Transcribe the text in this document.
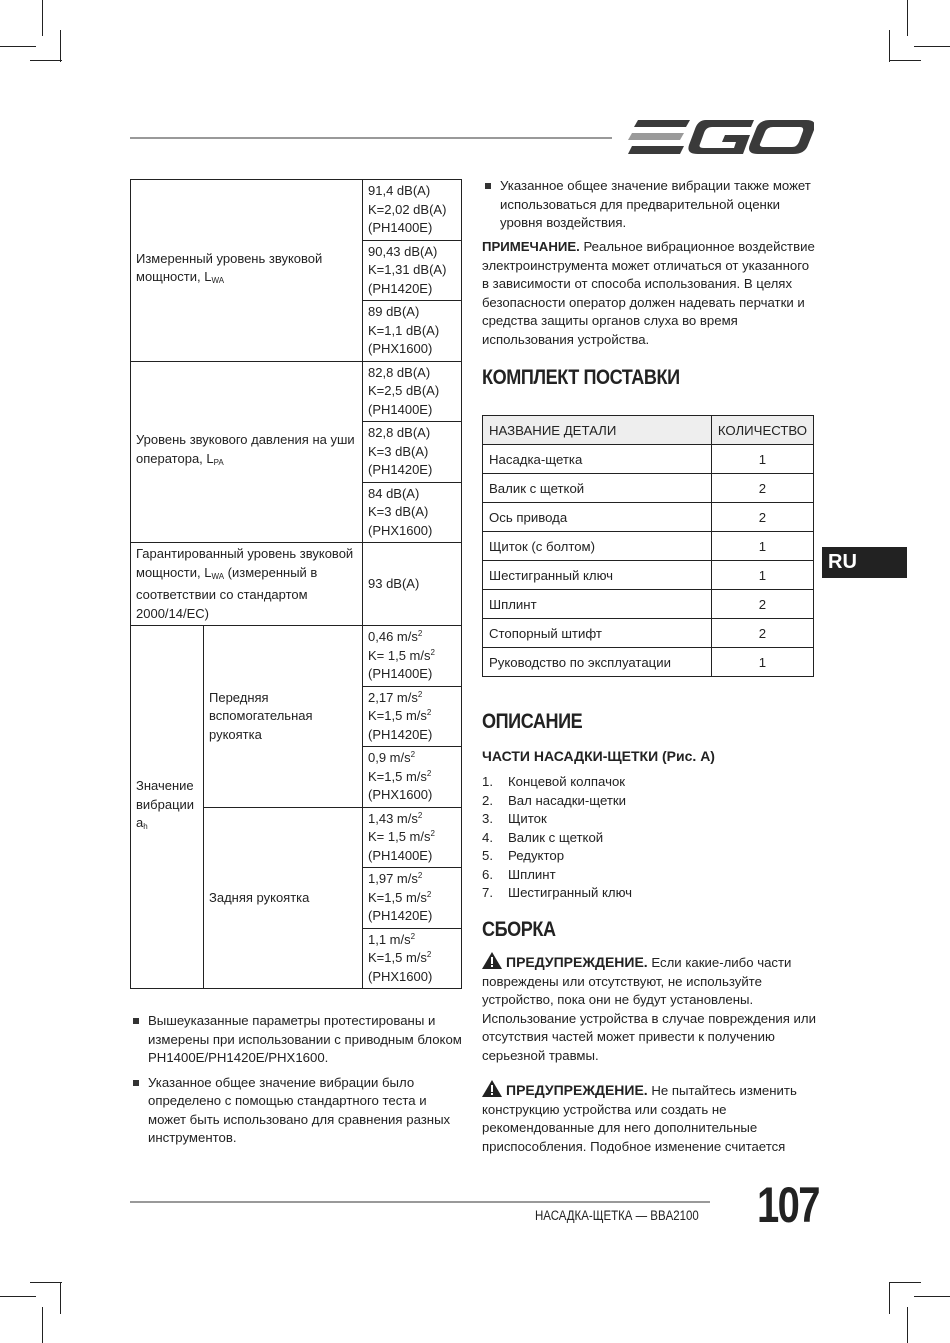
Измеренный уровень звуковой мощности, $L_{WA}$		91,4 dB(A)
K=2,02 dB(A)
(PH1400E)
		90,43 dB(A)
K=1,31 dB(A)
(PH1420E)
		89 dB(A)
K=1,1 dB(A)
(PHX1600)
Уровень звукового давления на уши оператора, $L_{PA}$		82,8 dB(A)
K=2,5 dB(A)
(PH1400E)
		82,8 dB(A)
K=3 dB(A)
(PH1420E)
		84 dB(A)
K=3 dB(A)
(PHX1600)
Гарантированный уровень звуковой мощности, $L_{WA}$ (измеренный в соответствии со стандартом 2000/14/EC)		93 dB(A)
Значение вибрации $a_h$	Передняя вспомогательная рукоятка	0,46 $m/s^2$
K= 1,5 $m/s^2$
(PH1400E)
		2,17 $m/s^2$
K=1,5 $m/s^2$
(PH1420E)
		0,9 $m/s^2$
K=1,5 $m/s^2$
(PHX1600)
	Задняя рукоятка	1,43 $m/s^2$
K= 1,5 $m/s^2$
(PH1400E)
		1,97 $m/s^2$
K=1,5 $m/s^2$
(PH1420E)
		1,1 $m/s^2$
K=1,5 $m/s^2$
(PHX1600)
Вышеуказанные параметры протестированы и измерены при использовании с приводным блоком PH1400E/PH1420E/PHX1600.
Указанное общее значение вибрации было определено с помощью стандартного теста и может быть использовано для сравнения разных инструментов.
Указанное общее значение вибрации также может использоваться для предварительной оценки уровня воздействия.

ПРИМЕЧАНИЕ. Реальное вибрационное воздействие электроинструмента может отличаться от указанного в зависимости от способа использования. В целях безопасности оператор должен надевать перчатки и средства защиты органов слуха во время использования устройства.

КОМПЛЕКТ ПОСТАВКИ
НАЗВАНИЕ ДЕТАЛИ	КОЛИЧЕСТВО
Насадка-щетка	1
Валик с щеткой	2
Ось привода	2
Щиток (с болтом)	1
Шестигранный ключ	1
Шплинт	2
Стопорный штифт	2
Руководство по эксплуатации	1
ОПИСАНИЕ
ЧАСТИ НАСАДКИ-ЩЕТКИ (Рис. А)
1. Концевой колпачок
2. Вал насадки-щетки
3. Щиток
4. Валик с щеткой
5. Редуктор
6. Шплинт
7. Шестигранный ключ
СБОРКА

ПРЕДУПРЕЖДЕНИЕ. Если какие-либо части повреждены или отсутствуют, не используйте устройство, пока они не будут установлены. Использование устройства в случае повреждения или отсутствия частей может привести к получению серьезной травмы.

ПРЕДУПРЕЖДЕНИЕ. Не пытайтесь изменить конструкцию устройства или создать не рекомендованные для него дополнительные приспособления. Подобное изменение считается

RU
НАСАДКА-ЩЕТКА — BBA2100 107
